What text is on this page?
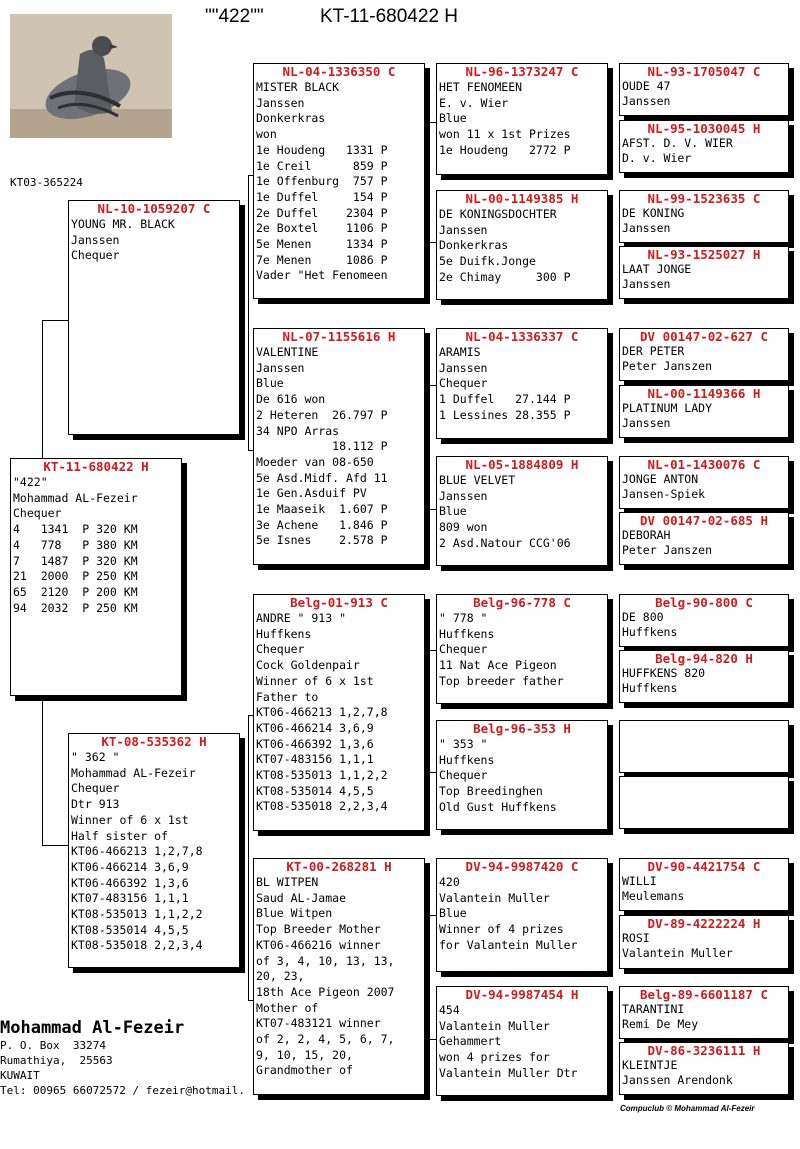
""422""	KT-11-680422 H
KT03-365224
KT-11-680422 H
"422"
Mohammad AL-Fezeir
Chequer
4   1341  P 320 KM
4   778   P 380 KM
7   1487  P 320 KM
21  2000  P 250 KM
65  2120  P 200 KM
94  2032  P 250 KM
NL-10-1059207 C
YOUNG MR. BLACK
Janssen
Chequer
KT-08-535362 H
" 362 "
Mohammad AL-Fezeir
Chequer
Dtr 913
Winner of 6 x 1st
Half sister of
KT06-466213 1,2,7,8
KT06-466214 3,6,9
KT06-466392 1,3,6
KT07-483156 1,1,1
KT08-535013 1,1,2,2
KT08-535014 4,5,5
KT08-535018 2,2,3,4
NL-04-1336350 C
MISTER BLACK
Janssen
Donkerkras
won
1e Houdeng   1331 P
1e Creil      859 P
1e Offenburg  757 P
1e Duffel     154 P
2e Duffel    2304 P
2e Boxtel    1106 P
5e Menen     1334 P
7e Menen     1086 P
Vader "Het Fenomeen
NL-07-1155616 H
VALENTINE
Janssen
Blue
De 616 won
2 Heteren  26.797 P
34 NPO Arras
18.112 P
Moeder van 08-650
5e Asd.Midf. Afd 11
1e Gen.Asduif PV
1e Maaseik  1.607 P
3e Achene   1.846 P
5e Isnes    2.578 P
Belg-01-913 C
ANDRE " 913 "
Huffkens
Chequer
Cock Goldenpair
Winner of 6 x 1st
Father to
KT06-466213 1,2,7,8
KT06-466214 3,6,9
KT06-466392 1,3,6
KT07-483156 1,1,1
KT08-535013 1,1,2,2
KT08-535014 4,5,5
KT08-535018 2,2,3,4
KT-00-268281 H
BL WITPEN
Saud AL-Jamae
Blue Witpen
Top Breeder Mother
KT06-466216 winner
of 3, 4, 10, 13, 13,
20, 23,
18th Ace Pigeon 2007
Mother of
KT07-483121 winner
of 2, 2, 4, 5, 6, 7,
9, 10, 15, 20,
Grandmother of
NL-96-1373247 C
HET FENOMEEN
E. v. Wier
Blue
won 11 x 1st Prizes
1e Houdeng   2772 P
NL-00-1149385 H
DE KONINGSDOCHTER
Janssen
Donkerkras
5e Duifk.Jonge
2e Chimay     300 P
NL-04-1336337 C
ARAMIS
Janssen
Chequer
1 Duffel   27.144 P
1 Lessines 28.355 P
NL-05-1884809 H
BLUE VELVET
Janssen
Blue
809 won
2 Asd.Natour CCG'06
Belg-96-778 C
" 778 "
Huffkens
Chequer
11 Nat Ace Pigeon
Top breeder father
Belg-96-353 H
" 353 "
Huffkens
Chequer
Top Breedinghen
Old Gust Huffkens
DV-94-9987420 C
420
Valantein Muller
Blue
Winner of 4 prizes
for Valantein Muller
DV-94-9987454 H
454
Valantein Muller
Gehammert
won 4 prizes for
Valantein Muller Dtr
NL-93-1705047 C
OUDE 47
Janssen
NL-95-1030045 H
AFST. D. V. WIER
D. v. Wier
NL-99-1523635 C
DE KONING
Janssen
NL-93-1525027 H
LAAT JONGE
Janssen
DV 00147-02-627 C
DER PETER
Peter Janszen
NL-00-1149366 H
PLATINUM LADY
Janssen
NL-01-1430076 C
JONGE ANTON
Jansen-Spiek
DV 00147-02-685 H
DEBORAH
Peter Janszen
Belg-90-800 C
DE 800
Huffkens
Belg-94-820 H
HUFFKENS 820
Huffkens
DV-90-4421754 C
WILLI
Meulemans
DV-89-4222224 H
ROSI
Valantein Muller
Belg-89-6601187 C
TARANTINI
Remi De Mey
DV-86-3236111 H
KLEINTJE
Janssen Arendonk
Mohammad Al-Fezeir
P. O. Box  33274
Rumathiya,  25563
KUWAIT
Tel: 00965 66072572 / fezeir@hotmail.
Compuclub © Mohammad Al-Fezeir
